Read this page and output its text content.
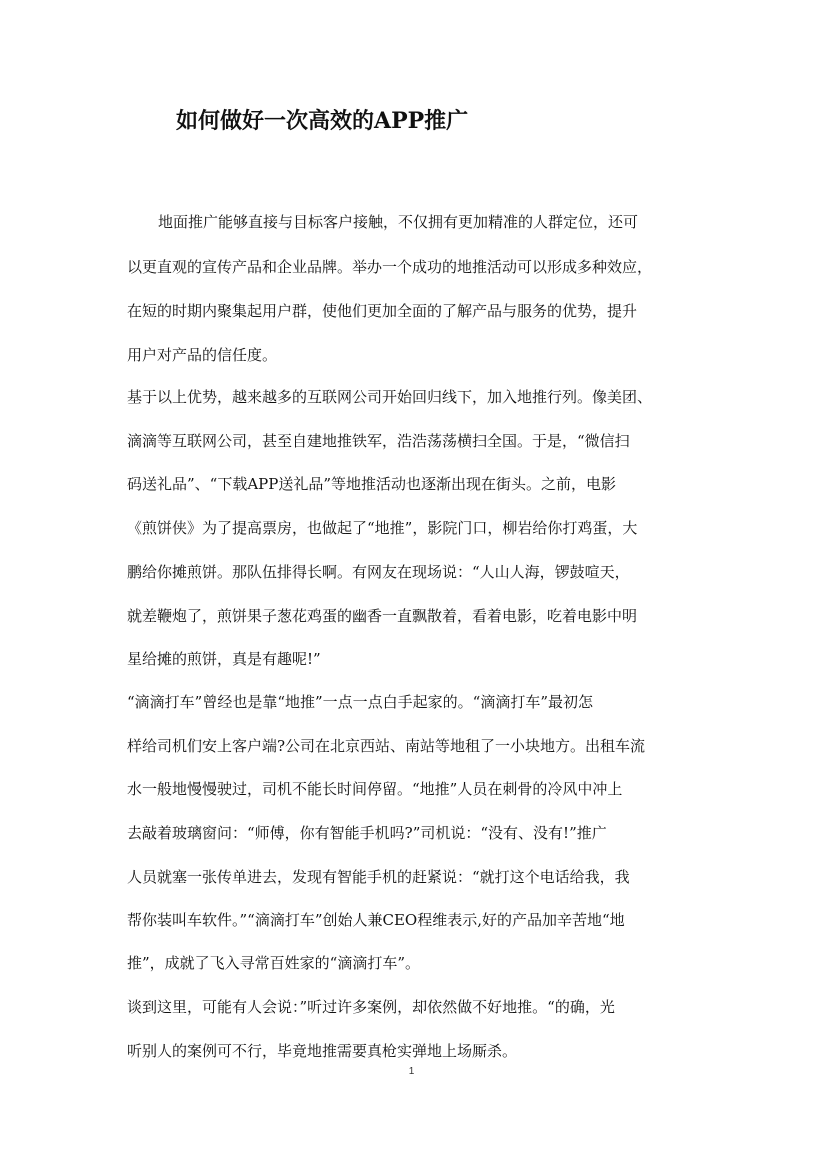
如何做好一次高效的APP推广
地面推广能够直接与目标客户接触，不仅拥有更加精准的人群定位，还可
以更直观的宣传产品和企业品牌。举办一个成功的地推活动可以形成多种效应，
在短的时期内聚集起用户群，使他们更加全面的了解产品与服务的优势，提升
用户对产品的信任度。
基于以上优势，越来越多的互联网公司开始回归线下，加入地推行列。像美团、
滴滴等互联网公司，甚至自建地推铁军，浩浩荡荡横扫全国。于是，“微信扫
码送礼品”、“下载APP送礼品”等地推活动也逐渐出现在街头。之前，电影
《煎饼侠》为了提高票房，也做起了“地推”，影院门口，柳岩给你打鸡蛋，大
鹏给你摊煎饼。那队伍排得长啊。有网友在现场说：“人山人海，锣鼓喧天，
就差鞭炮了，煎饼果子葱花鸡蛋的幽香一直飘散着，看着电影，吃着电影中明
星给摊的煎饼，真是有趣呢!”
“滴滴打车”曾经也是靠“地推”一点一点白手起家的。“滴滴打车”最初怎
样给司机们安上客户端?公司在北京西站、南站等地租了一小块地方。出租车流
水一般地慢慢驶过，司机不能长时间停留。“地推”人员在刺骨的冷风中冲上
去敲着玻璃窗问：“师傅，你有智能手机吗?”司机说：“没有、没有!”推广
人员就塞一张传单进去，发现有智能手机的赶紧说：“就打这个电话给我，我
帮你装叫车软件。”“滴滴打车”创始人兼CEO程维表示,好的产品加辛苦地“地
推”，成就了飞入寻常百姓家的“滴滴打车”。
谈到这里，可能有人会说：”听过许多案例，却依然做不好地推。“的确，光
听别人的案例可不行，毕竟地推需要真枪实弹地上场厮杀。
1
